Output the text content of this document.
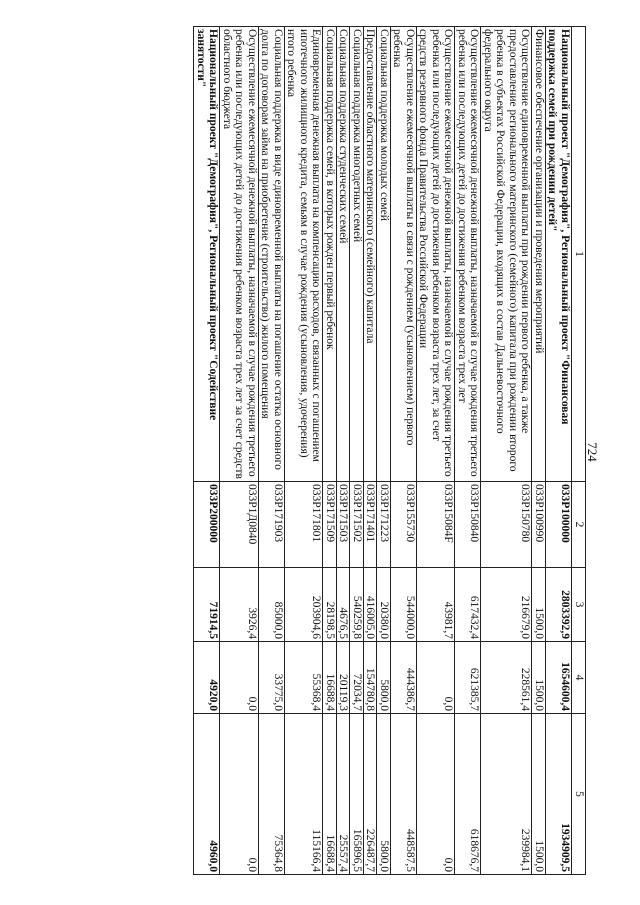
724
1	2	3	4	5
Национальный проект "Демография", Региональный проект "Финансовая поддержка семей при рождении детей"	033P100000	2803392,9	1654600,4	1934909,5
Финансовое обеспечение организации и проведения мероприятий	033P100990	1500,0	1500,0	1500,0
Осуществление единовременной выплаты при рождении первого ребенка, а также предоставление регионального материнского (семейного) капитала при рождении второго ребенка в субъектах Российской Федерации, входящих в состав Дальневосточного федерального округа	033P150780	216679,0	228561,4	239984,1
Осуществление ежемесячной денежной выплаты, назначаемой в случае рождения третьего ребенка или последующих детей до достижения ребенком возраста трех лет	033P150840	617432,4	621385,7	618676,7
Осуществление ежемесячной денежной выплаты, назначаемой в случае рождения третьего ребенка или последующих детей до достижения ребенком возраста трех лет, за счет средств резервного фонда Правительства Российской Федерации	033P15084F	43981,7	0,0	0,0
Осуществление ежемесячной выплаты в связи с рождением (усыновлением) первого ребенка	033P155730	544000,0	444386,7	448587,5
Социальная поддержка молодых семей	033P171223	20380,0	5800,0	5800,0
Предоставление областного материнского (семейного) капитала	033P171401	416005,0	154780,8	226487,7
Социальная поддержка многодетных семей	033P171502	540259,8	72034,7	165896,5
Социальная поддержка студенческих семей	033P171503	4676,5	20119,3	25557,4
Социальная поддержка семей, в которых рожден первый ребенок	033P171509	28198,5	16688,4	16688,4
Единовременная денежная выплата на компенсацию расходов, связанных с погашением ипотечного жилищного кредита, семьям в случае рождения (усыновления, удочерения) нтого ребенка	033P171801	203904,6	55368,4	115166,4
Социальная поддержка в виде единовременной выплаты на погашение остатка основного долга по договорам займа на приобретение (строительство) жилого помещения	033P171903	85000,0	33775,0	75364,8
Осуществление ежемесячной денежной выплаты, назначаемой в случае рождения третьего ребенка или последующих детей до достижения ребенком возраста трех лет за счет средств областного бюджета	033P1Д0840	3926,4	0,0	0,0
Национальный проект "Демография", Региональный проект "Содействие занятости"	033P200000	71914,5	4920,0	4960,0
